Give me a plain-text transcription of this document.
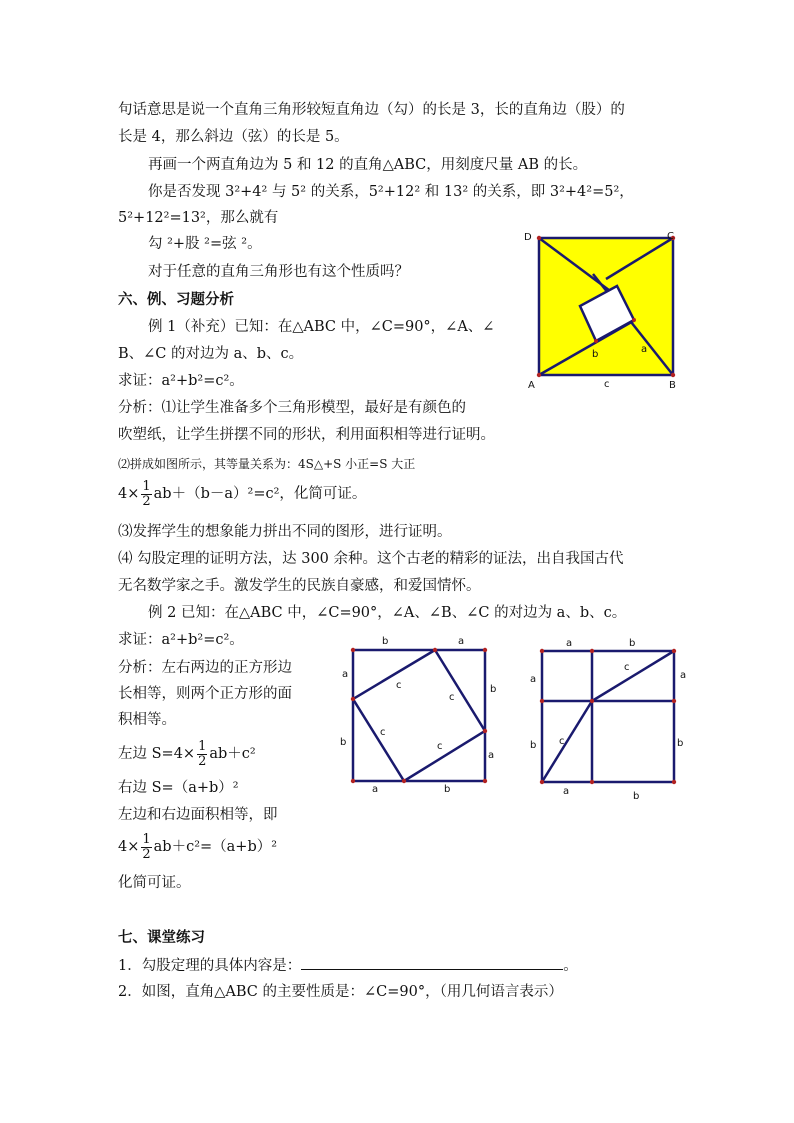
句话意思是说一个直角三角形较短直角边（勾）的长是 3，长的直角边（股）的
长是 4，那么斜边（弦）的长是 5。
再画一个两直角边为 5 和 12 的直角△ABC，用刻度尺量 AB 的长。
你是否发现 3²+4² 与 5² 的关系，5²+12² 和 13² 的关系，即 3²+4²=5²，
5²+12²=13²，那么就有
勾 ²+股 ²=弦 ²。
对于任意的直角三角形也有这个性质吗？
六、例、习题分析
例 1（补充）已知：在△ABC 中，∠C=90°，∠A、∠
B、∠C 的对边为 a、b、c。
求证：a²+b²=c²。
分析：⑴让学生准备多个三角形模型，最好是有颜色的
吹塑纸，让学生拼摆不同的形状，利用面积相等进行证明。
⑵拼成如图所示，其等量关系为：4S△+S 小正=S 大正
$4\times \frac{1}{2} ab+(b-a)^2=c^2$，化简可证。
⑶发挥学生的想象能力拼出不同的图形，进行证明。
⑷ 勾股定理的证明方法，达 300 余种。这个古老的精彩的证法，出自我国古代
无名数学家之手。激发学生的民族自豪感，和爱国情怀。
例 2 已知：在△ABC 中，∠C=90°，∠A、∠B、∠C 的对边为 a、b、c。
求证：a²+b²=c²。
分析：左右两边的正方形边
长相等，则两个正方形的面
积相等。
左边 $S=4\times \frac{1}{2} ab+c^2$
右边 S=（a+b）²
左边和右边面积相等，即
$4\times \frac{1}{2} ab+c^2=(a+b)^2$
化简可证。
七、课堂练习
1．勾股定理的具体内容是：	。
2．如图，直角△ABC 的主要性质是：∠C=90°，（用几何语言表示）
D	C
A	B
a
b
c
b	a
a
b
b
a
a	b
c
c
c
c
a	b
a	a
c
b c	b
a	b
